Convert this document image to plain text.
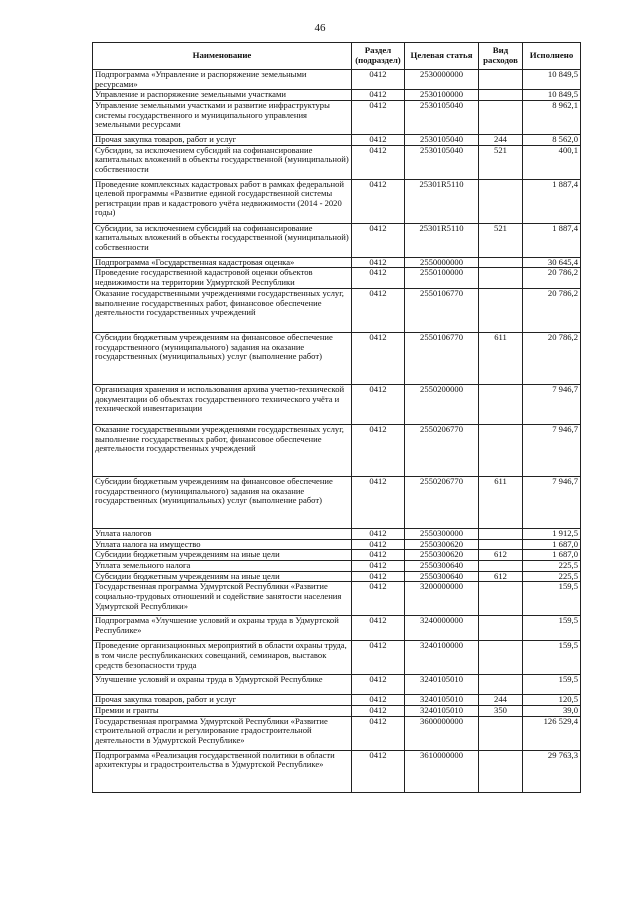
46
Наименование	Раздел (подраздел)	Целевая статья	Вид расходов	Исполнено
Подпрограмма «Управление и распоряжение земельными ресурсами»	0412	2530000000		10 849,5
Управление и распоряжение земельными участками	0412	2530100000		10 849,5
Управление земельными участками и развитие инфраструктуры системы государственного и муниципального управления земельными ресурсами	0412	2530105040		8 962,1
Прочая закупка товаров, работ и услуг	0412	2530105040	244	8 562,0
Субсидии, за исключением субсидий на софинансирование капитальных вложений в объекты государственной (муниципальной) собственности	0412	2530105040	521	400,1
Проведение комплексных кадастровых работ в рамках федеральной целевой программы «Развитие единой государственной системы регистрации прав и кадастрового учёта недвижимости (2014 - 2020 годы)	0412	25301R5110		1 887,4
Субсидии, за исключением субсидий на софинансирование капитальных вложений в объекты государственной (муниципальной) собственности	0412	25301R5110	521	1 887,4
Подпрограмма «Государственная кадастровая оценка»	0412	2550000000		30 645,4
Проведение государственной кадастровой оценки объектов недвижимости на территории Удмуртской Республики	0412	2550100000		20 786,2
Оказание государственными учреждениями государственных услуг, выполнение государственных работ, финансовое обеспечение деятельности государственных учреждений	0412	2550106770		20 786,2
Субсидии бюджетным учреждениям на финансовое обеспечение государственного (муниципального) задания на оказание государственных (муниципальных) услуг (выполнение работ)	0412	2550106770	611	20 786,2
Организация хранения и использования архива учетно-технической документации об объектах государственного технического учёта и технической инвентаризации	0412	2550200000		7 946,7
Оказание государственными учреждениями государственных услуг, выполнение государственных работ, финансовое обеспечение деятельности государственных учреждений	0412	2550206770		7 946,7
Субсидии бюджетным учреждениям на финансовое обеспечение государственного (муниципального) задания на оказание государственных (муниципальных) услуг (выполнение работ)	0412	2550206770	611	7 946,7
Уплата налогов	0412	2550300000		1 912,5
Уплата налога на имущество	0412	2550300620		1 687,0
Субсидии бюджетным учреждениям на иные цели	0412	2550300620	612	1 687,0
Уплата земельного налога	0412	2550300640		225,5
Субсидии бюджетным учреждениям на иные цели	0412	2550300640	612	225,5
Государственная программа Удмуртской Республики «Развитие социально-трудовых отношений и содействие занятости населения Удмуртской Республики»	0412	3200000000		159,5
Подпрограмма «Улучшение условий и охраны труда в Удмуртской Республике»	0412	3240000000		159,5
Проведение организационных мероприятий в области охраны труда, в том числе республиканских совещаний, семинаров, выставок средств безопасности труда	0412	3240100000		159,5
Улучшение условий и охраны труда в Удмуртской Республике	0412	3240105010		159,5
Прочая закупка товаров, работ и услуг	0412	3240105010	244	120,5
Премии и гранты	0412	3240105010	350	39,0
Государственная программа Удмуртской Республики «Развитие строительной отрасли и регулирование градостроительной деятельности в Удмуртской Республике»	0412	3600000000		126 529,4
Подпрограмма «Реализация государственной политики в области архитектуры и градостроительства в Удмуртской Республике»	0412	3610000000		29 763,3
